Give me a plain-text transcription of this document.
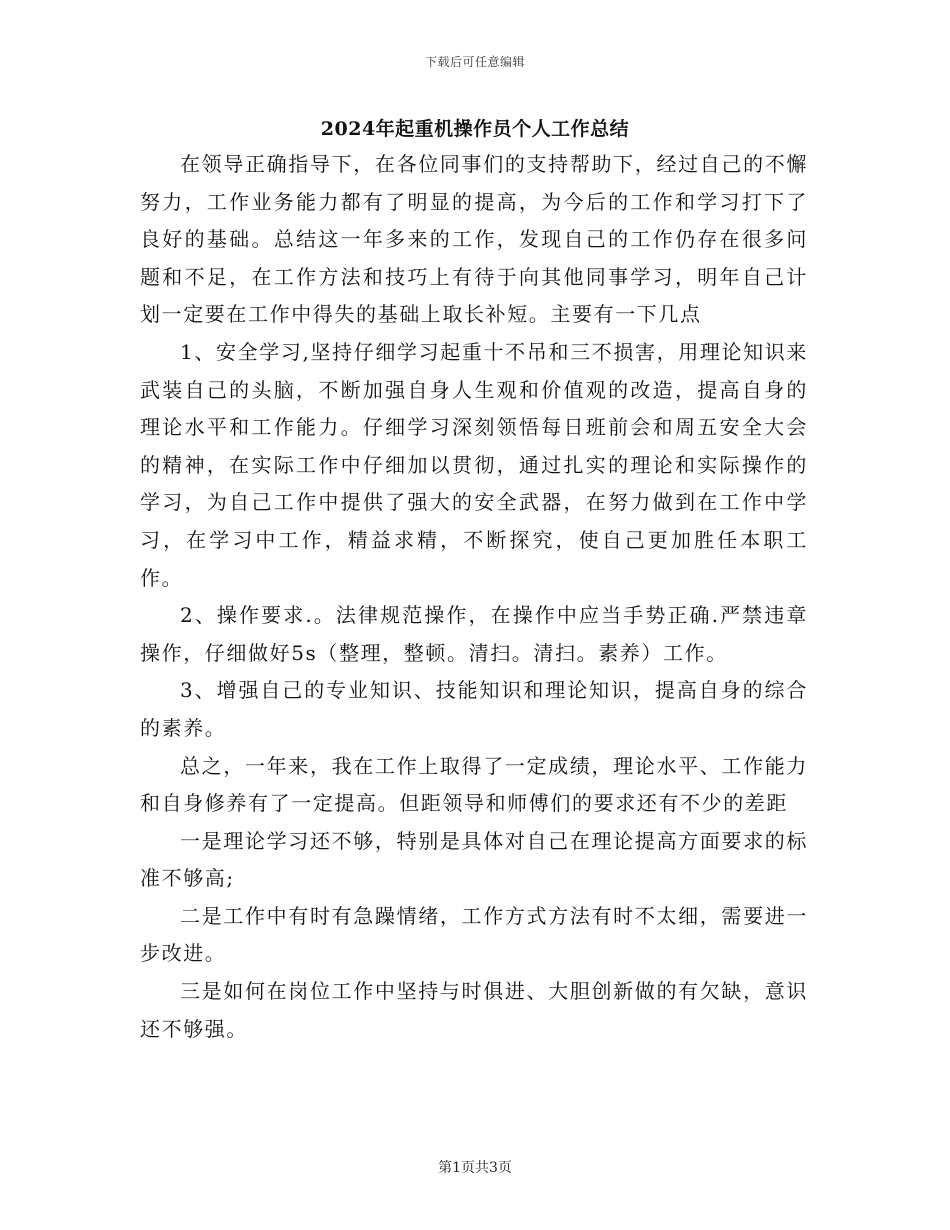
下载后可任意编辑
2024年起重机操作员个人工作总结

在领导正确指导下，在各位同事们的支持帮助下，经过自己的不懈努力，工作业务能力都有了明显的提高，为今后的工作和学习打下了良好的基础。总结这一年多来的工作，发现自己的工作仍存在很多问题和不足，在工作方法和技巧上有待于向其他同事学习，明年自己计划一定要在工作中得失的基础上取长补短。主要有一下几点

1、安全学习,坚持仔细学习起重十不吊和三不损害，用理论知识来武装自己的头脑，不断加强自身人生观和价值观的改造，提高自身的理论水平和工作能力。仔细学习深刻领悟每日班前会和周五安全大会的精神，在实际工作中仔细加以贯彻，通过扎实的理论和实际操作的学习，为自己工作中提供了强大的安全武器，在努力做到在工作中学习，在学习中工作，精益求精，不断探究，使自己更加胜任本职工作。

2、操作要求.。法律规范操作，在操作中应当手势正确.严禁违章操作，仔细做好5s（整理，整顿。清扫。清扫。素养）工作。

3、增强自己的专业知识、技能知识和理论知识，提高自身的综合的素养。

总之，一年来，我在工作上取得了一定成绩，理论水平、工作能力和自身修养有了一定提高。但距领导和师傅们的要求还有不少的差距

一是理论学习还不够，特别是具体对自己在理论提高方面要求的标准不够高;

二是工作中有时有急躁情绪，工作方式方法有时不太细，需要进一步改进。

三是如何在岗位工作中坚持与时俱进、大胆创新做的有欠缺，意识还不够强。

第1页共3页
